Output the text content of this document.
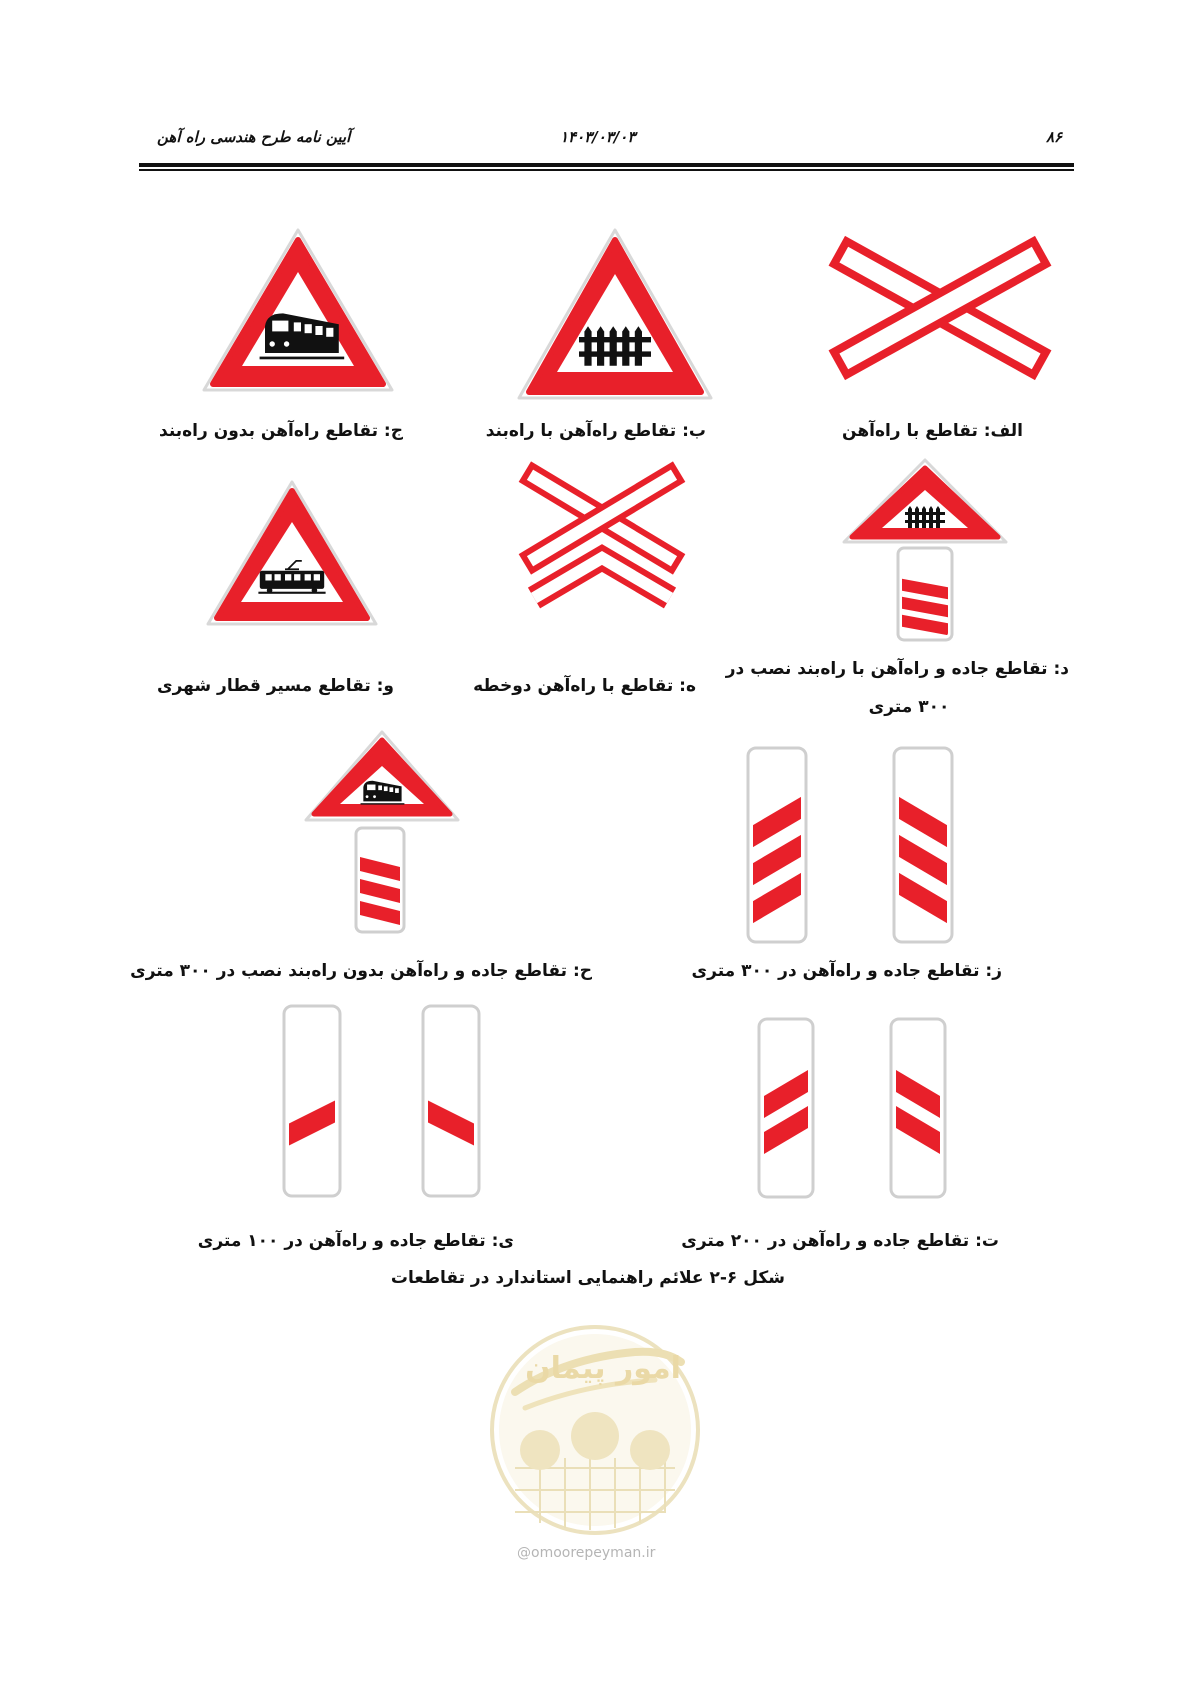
۸۶
۱۴۰۳/۰۳/۰۳
آیین نامه طرح هندسی راه آهن
الف: تقاطع با راه‌آهن
ب: تقاطع راه‌آهن با راه‌بند
ج: تقاطع راه‌آهن بدون راه‌بند
د: تقاطع جاده و راه‌آهن با راه‌بند نصب در
۳۰۰ متری
ه: تقاطع با راه‌آهن دوخطه
و: تقاطع مسیر قطار شهری
ز: تقاطع جاده و راه‌آهن در ۳۰۰ متری
ح: تقاطع جاده و راه‌آهن بدون راه‌بند نصب در ۳۰۰ متری
ت: تقاطع جاده و راه‌آهن در ۲۰۰ متری
ی: تقاطع جاده و راه‌آهن در ۱۰۰ متری
شکل ۶-۲ علائم راهنمایی استاندارد در تقاطعات
امور پیمان
@omoorepeyman.ir
